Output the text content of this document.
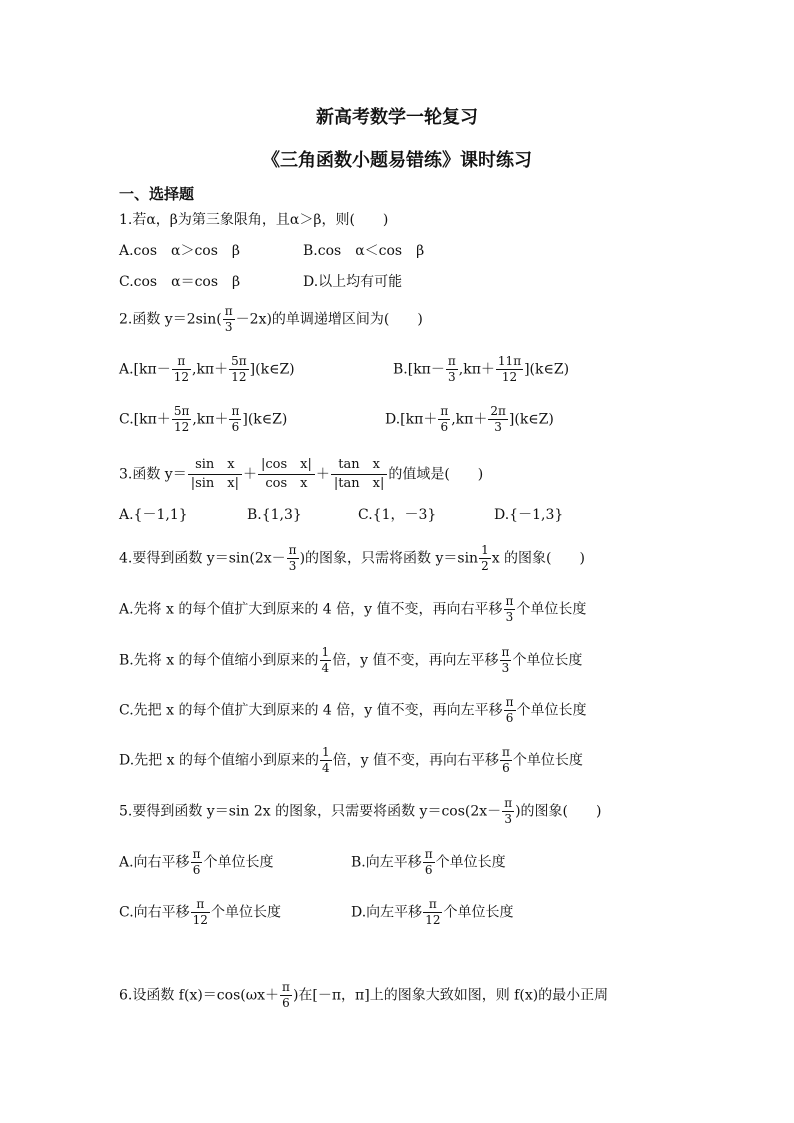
新高考数学一轮复习
《三角函数小题易错练》课时练习
一、选择题
1.若α，β为第三象限角，且α＞β，则(　　)
A.cos　α＞cos　β	B.cos　α＜cos　β
C.cos　α＝cos　β	D.以上均有可能
2.函数 $y=2\sin( \frac{\pi}{3} -2x)$的单调递增区间为(　　)
$A.[k\pi- \frac{\pi}{12} ,k\pi+ \frac{5\pi}{12}$ ](k∈Z)	$B.[k\pi- \frac{\pi}{3} ,k\pi+ \frac{11\pi}{12}$ ](k∈Z)
$C.[k\pi+ \frac{5\pi}{12} ,k\pi+ \frac{\pi}{6}$ ](k∈Z)	$D.[k\pi+ \frac{\pi}{6} ,k\pi+ \frac{2\pi}{3}$ ](k∈Z)
3.函数 $y= \frac{\text{sin　x}}{\text{|sin　x|}} + \frac{\text{|cos　x|}}{\text{cos　x}} + \frac{\text{tan　x}}{\text{|tan　x|}}$ 的值域是(　　)
A.{－1,1}	B.{1,3}	C.{1，－3}	D.{－1,3}
4.要得到函数 $y=\sin(2x- \frac{\pi}{3}$ )的图象，只需将函数 $y=\sin \frac{1}{2}$ x 的图象(　　)
A.先将 x 的每个值扩大到原来的 4 倍，y 值不变，再向右平移 $\frac{\pi}{3}$ 个单位长度
B.先将 x 的每个值缩小到原来的 $\frac{1}{4}$ 倍，y 值不变，再向左平移 $\frac{\pi}{3}$ 个单位长度
C.先把 x 的每个值扩大到原来的 4 倍，y 值不变，再向左平移 $\frac{\pi}{6}$ 个单位长度
D.先把 x 的每个值缩小到原来的 $\frac{1}{4}$ 倍，y 值不变，再向右平移 $\frac{\pi}{6}$ 个单位长度
5.要得到函数 y＝sin 2x 的图象，只需要将函数 $y=\cos(2x- \frac{\pi}{3}$ )的图象(　　)
A.向右平移 $\frac{\pi}{6}$ 个单位长度	B.向左平移 $\frac{\pi}{6}$ 个单位长度
C.向右平移 $\frac{\pi}{12}$ 个单位长度	D.向左平移 $\frac{\pi}{12}$ 个单位长度
6.设函数 $f(x)=\cos(\omega x+ \frac{\pi}{6}$ )在[－π，π]上的图象大致如图，则 f(x)的最小正周
